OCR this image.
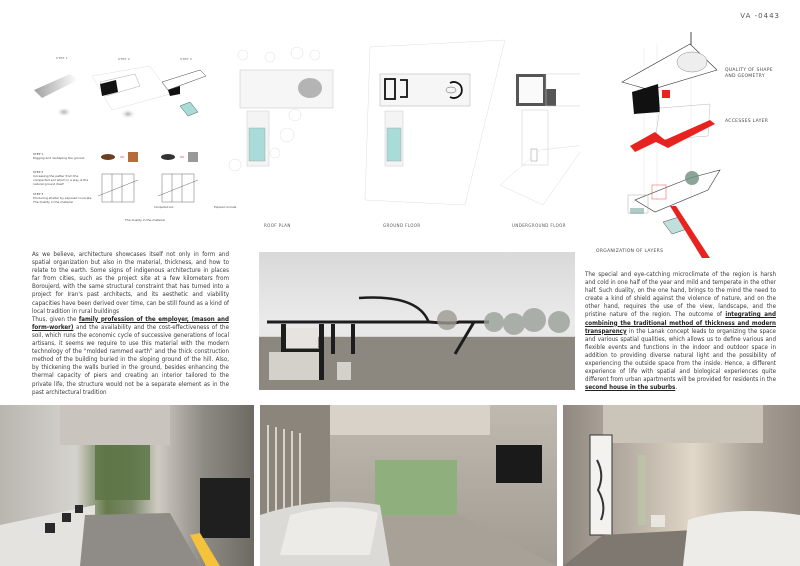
VA -0443
STEP 1	STEP 2	STEP 3
STEP 1
Digging and reshaping the ground
STEP 2
Increasing the patter from the compacted soil which in a way is the natural ground itself
STEP 3
Producing shelter by exposed concrete The duality in the material
Compacted soil	Exposed concrete
The duality in the material
ROOF PLAN	GROUND FLOOR	UNDERGROUND FLOOR
QUALITY OF SHAPE AND GEOMETRY
ACCESSES LAYER
ORGANIZATION OF LAYERS
As we believe, architecture showcases itself not only in form and spatial organization but also in the material, thickness, and how to relate to the earth. Some signs of indigenous architecture in places far from cities, such as the project site at a few kilometers from Boroujerd, with the same structural constraint that has turned into a project for Iran's past architects, and its aesthetic and viability capacities have been derived over time, can be still found as a kind of local tradition in rural buildings
Thus, given the family profession of the employer, (mason and form-worker) and the availability and the cost-effectiveness of the soil, which runs the economic cycle of successive generations of local artisans, it seems we require to use this material with the modern technology of the "molded rammed earth" and the thick construction method of the building buried in the sloping ground of the hill. Also, by thickening the walls buried in the ground, besides enhancing the thermal capacity of piers and creating an interior tailored to the private life, the structure would not be a separate element as in the past architectural tradition
The special and eye-catching microclimate of the region is harsh and cold in one half of the year and mild and temperate in the other half. Such duality, on the one hand, brings to the mind the need to create a kind of shield against the violence of nature, and on the other hand, requires the use of the view, landscape, and the pristine nature of the region. The outcome of integrating and combining the traditional method of thickness and modern transparency in the Lanak concept leads to organizing the space and various spatial qualities, which allows us to define various and flexible events and functions in the indoor and outdoor space in addition to providing diverse natural light and the possibility of experiencing the outside space from the inside. Hence, a different experience of life with spatial and biological experiences quite different from urban apartments will be provided for residents in the second house in the suburbs.
